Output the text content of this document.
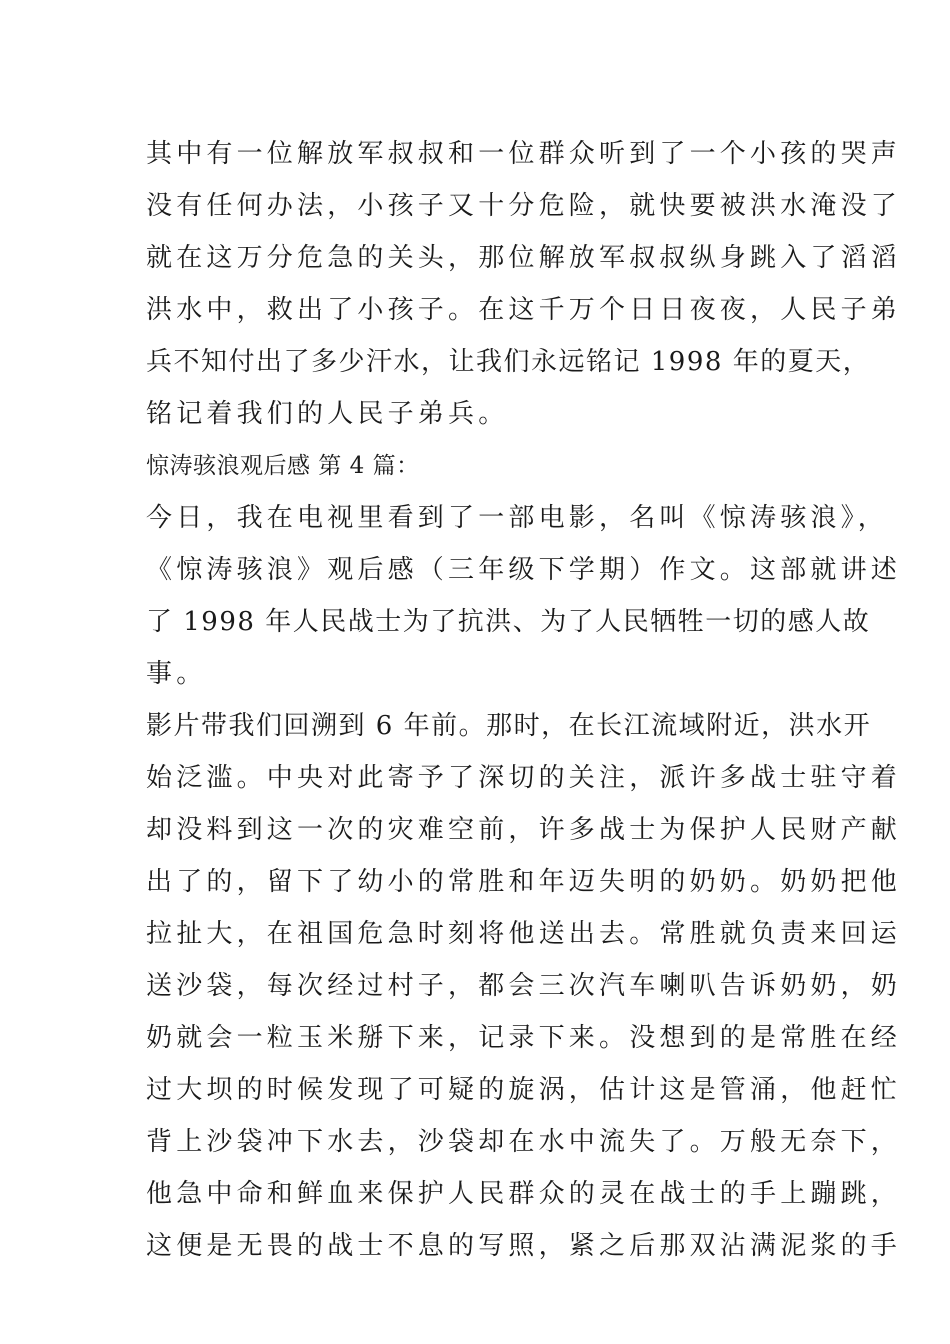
其中有一位解放军叔叔和一位群众听到了一个小孩的哭声
没有任何办法，小孩子又十分危险，就快要被洪水淹没了
就在这万分危急的关头，那位解放军叔叔纵身跳入了滔滔
洪水中，救出了小孩子。在这千万个日日夜夜，人民子弟
兵不知付出了多少汗水，让我们永远铭记 1998 年的夏天，
铭记着我们的人民子弟兵。
惊涛骇浪观后感 第 4 篇：
今日，我在电视里看到了一部电影，名叫《惊涛骇浪》，
《惊涛骇浪》观后感（三年级下学期）作文。这部就讲述
了 1998 年人民战士为了抗洪、为了人民牺牲一切的感人故
事。
影片带我们回溯到 6 年前。那时，在长江流域附近，洪水开
始泛滥。中央对此寄予了深切的关注，派许多战士驻守着
却没料到这一次的灾难空前，许多战士为保护人民财产献
出了的，留下了幼小的常胜和年迈失明的奶奶。奶奶把他
拉扯大，在祖国危急时刻将他送出去。常胜就负责来回运
送沙袋，每次经过村子，都会三次汽车喇叭告诉奶奶，奶
奶就会一粒玉米掰下来，记录下来。没想到的是常胜在经
过大坝的时候发现了可疑的旋涡，估计这是管涌，他赶忙
背上沙袋冲下水去，沙袋却在水中流失了。万般无奈下，
他急中命和鲜血来保护人民群众的灵在战士的手上蹦跳，
这便是无畏的战士不息的写照，紧之后那双沾满泥浆的手
